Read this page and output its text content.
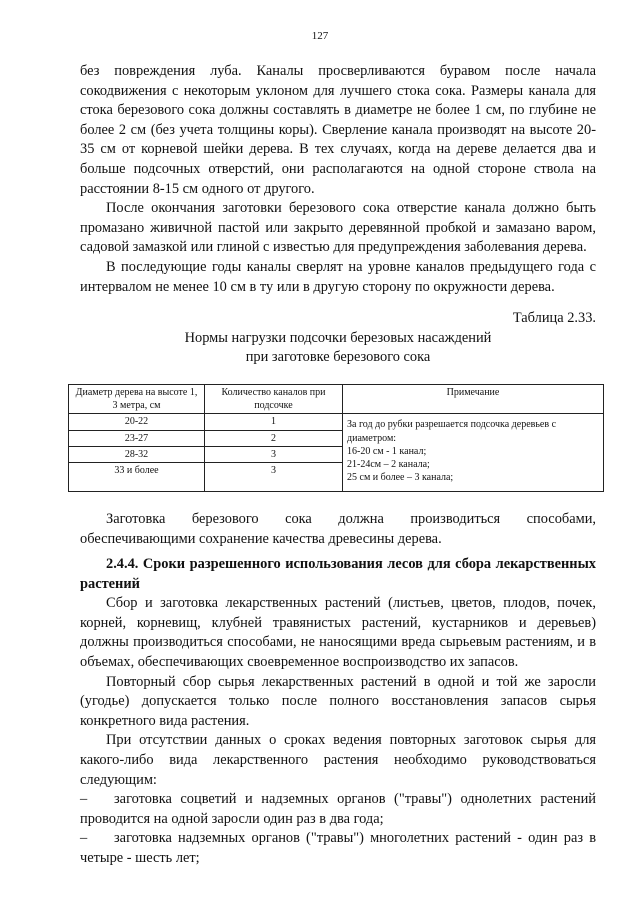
127

без повреждения луба. Каналы просверливаются буравом после начала сокодвижения с некоторым уклоном для лучшего стока сока. Размеры канала для стока березового сока должны составлять в диаметре не более 1 см, по глубине не более 2 см (без учета толщины коры). Сверление канала производят на высоте 20-35 см от корневой шейки дерева. В тех случаях, когда на дереве делается два и больше подсочных отверстий, они располагаются на одной стороне ствола на расстоянии 8-15 см одного от другого.

После окончания заготовки березового сока отверстие канала должно быть промазано живичной пастой или закрыто деревянной пробкой и замазано варом, садовой замазкой или глиной с известью для предупреждения заболевания дерева.

В последующие годы каналы сверлят на уровне каналов предыдущего года с интервалом не менее 10 см в ту или в другую сторону по окружности дерева.

Таблица 2.33.
Нормы нагрузки подсочки березовых насаждений
при заготовке березового сока
Диаметр дерева на высоте 1, 3 метра, см	Количество каналов при подсочке	Примечание
20-22	1	За год до рубки разрешается подсочка деревьев с диаметром:
16-20 см - 1 канал;
21-24см – 2 канала;
25 см и более – 3 канала;

23-27	2	
28-32	3	
33 и более	3	

Заготовка березового сока должна производиться способами, обеспечивающими сохранение качества древесины дерева.

2.4.4. Сроки разрешенного использования лесов для сбора лекарственных растений

Сбор и заготовка лекарственных растений (листьев, цветов, плодов, почек, корней, корневищ, клубней травянистых растений, кустарников и деревьев) должны производиться способами, не наносящими вреда сырьевым растениям, и в объемах, обеспечивающих своевременное воспроизводство их запасов.

Повторный сбор сырья лекарственных растений в одной и той же заросли (угодье) допускается только после полного восстановления запасов сырья конкретного вида растения.

При отсутствии данных о сроках ведения повторных заготовок сырья для какого-либо вида лекарственного растения необходимо руководствоваться следующим:

– заготовка соцветий и надземных органов ("травы") однолетних растений проводится на одной заросли один раз в два года;

– заготовка надземных органов ("травы") многолетних растений - один раз в четыре - шесть лет;
